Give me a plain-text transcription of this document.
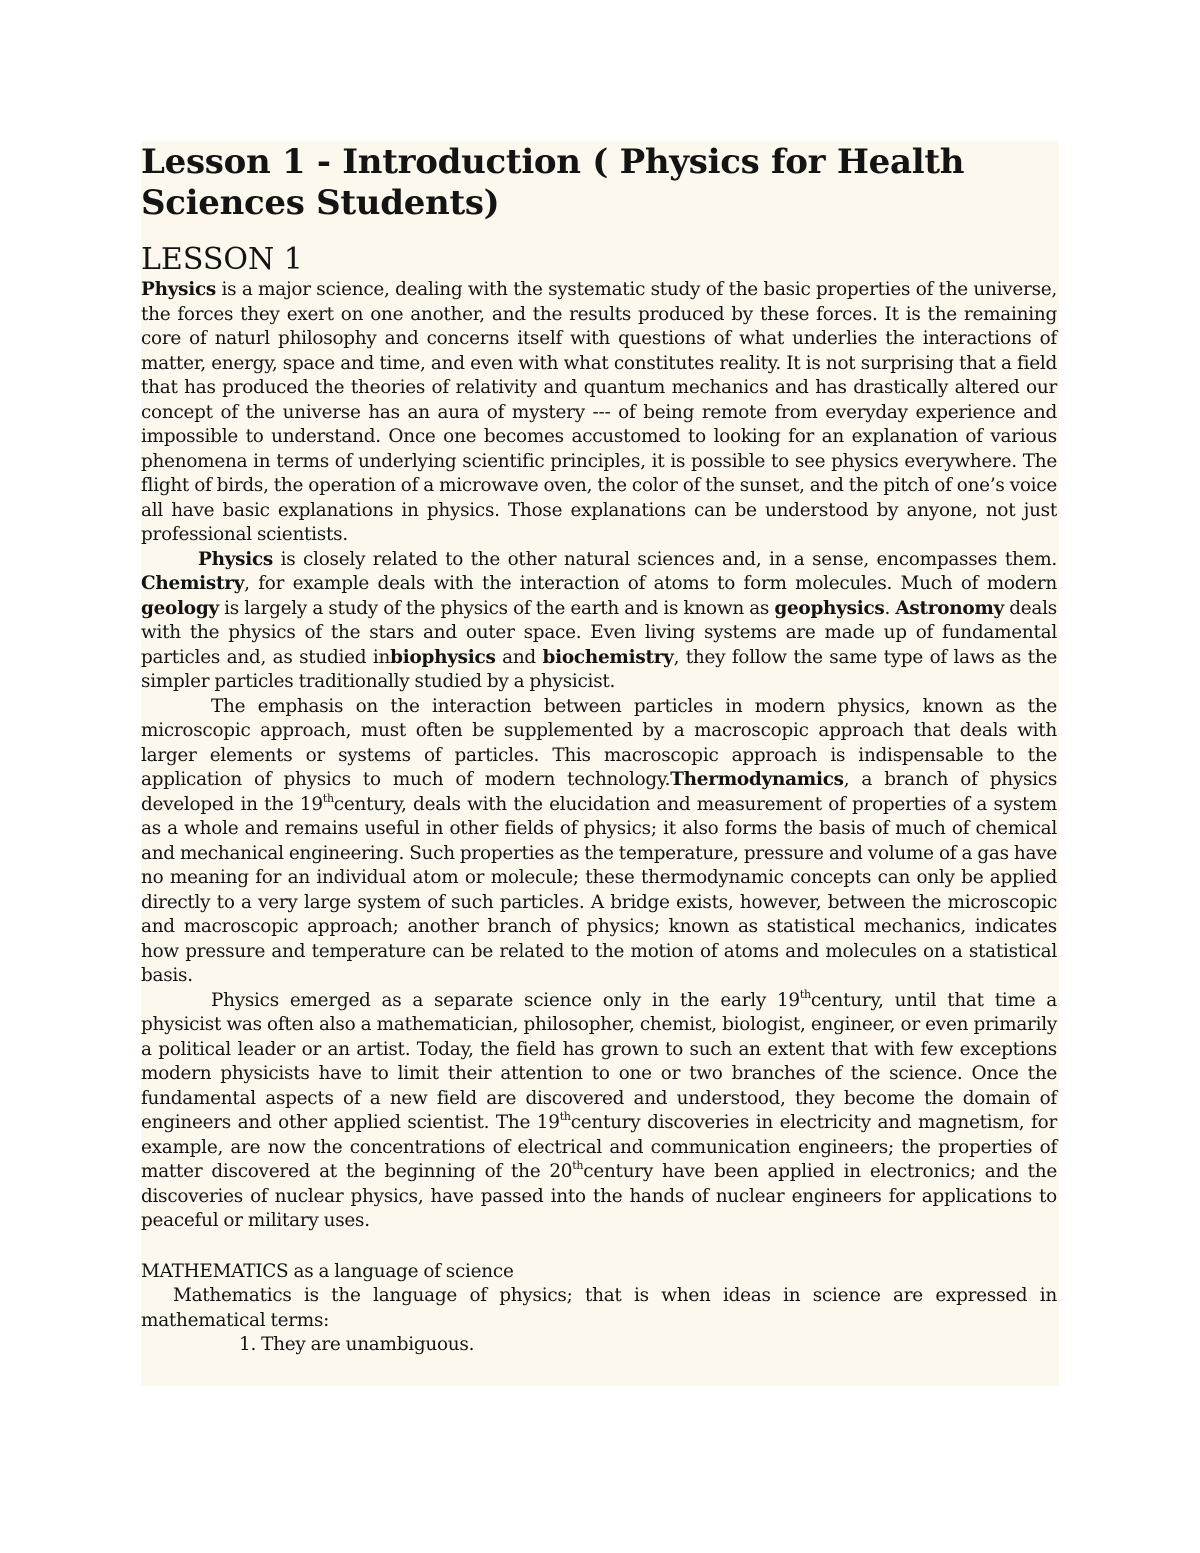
Lesson 1 - Introduction ( Physics for Health Sciences Students)
LESSON 1

Physics is a major science, dealing with the systematic study of the basic properties of the universe, the forces they exert on one another, and the results produced by these forces. It is the remaining core of naturl philosophy and concerns itself with questions of what underlies the interactions of matter, energy, space and time, and even with what constitutes reality. It is not surprising that a field that has produced the theories of relativity and quantum mechanics and has drastically altered our concept of the universe has an aura of mystery --- of being remote from everyday experience and impossible to understand. Once one becomes accustomed to looking for an explanation of various phenomena in terms of underlying scientific principles, it is possible to see physics everywhere. The flight of birds, the operation of a microwave oven, the color of the sunset, and the pitch of one’s voice all have basic explanations in physics. Those explanations can be understood by anyone, not just professional scientists.

Physics is closely related to the other natural sciences and, in a sense, encompasses them. Chemistry, for example deals with the interaction of atoms to form molecules. Much of modern geology is largely a study of the physics of the earth and is known as geophysics. Astronomy deals with the physics of the stars and outer space. Even living systems are made up of fundamental particles and, as studied inbiophysics and biochemistry, they follow the same type of laws as the simpler particles traditionally studied by a physicist.

The emphasis on the interaction between particles in modern physics, known as the microscopic approach, must often be supplemented by a macroscopic approach that deals with larger elements or systems of particles. This macroscopic approach is indispensable to the application of physics to much of modern technology.Thermodynamics, a branch of physics developed in the 19thcentury, deals with the elucidation and measurement of properties of a system as a whole and remains useful in other fields of physics; it also forms the basis of much of chemical and mechanical engineering. Such properties as the temperature, pressure and volume of a gas have no meaning for an individual atom or molecule; these thermodynamic concepts can only be applied directly to a very large system of such particles. A bridge exists, however, between the microscopic and macroscopic approach; another branch of physics; known as statistical mechanics, indicates how pressure and temperature can be related to the motion of atoms and molecules on a statistical basis.

Physics emerged as a separate science only in the early 19thcentury, until that time a physicist was often also a mathematician, philosopher, chemist, biologist, engineer, or even primarily a political leader or an artist. Today, the field has grown to such an extent that with few exceptions modern physicists have to limit their attention to one or two branches of the science. Once the fundamental aspects of a new field are discovered and understood, they become the domain of engineers and other applied scientist. The 19thcentury discoveries in electricity and magnetism, for example, are now the concentrations of electrical and communication engineers; the properties of matter discovered at the beginning of the 20thcentury have been applied in electronics; and the discoveries of nuclear physics, have passed into the hands of nuclear engineers for applications to peaceful or military uses.

MATHEMATICS as a language of science

Mathematics is the language of physics; that is when ideas in science are expressed in mathematical terms:

1. They are unambiguous.
